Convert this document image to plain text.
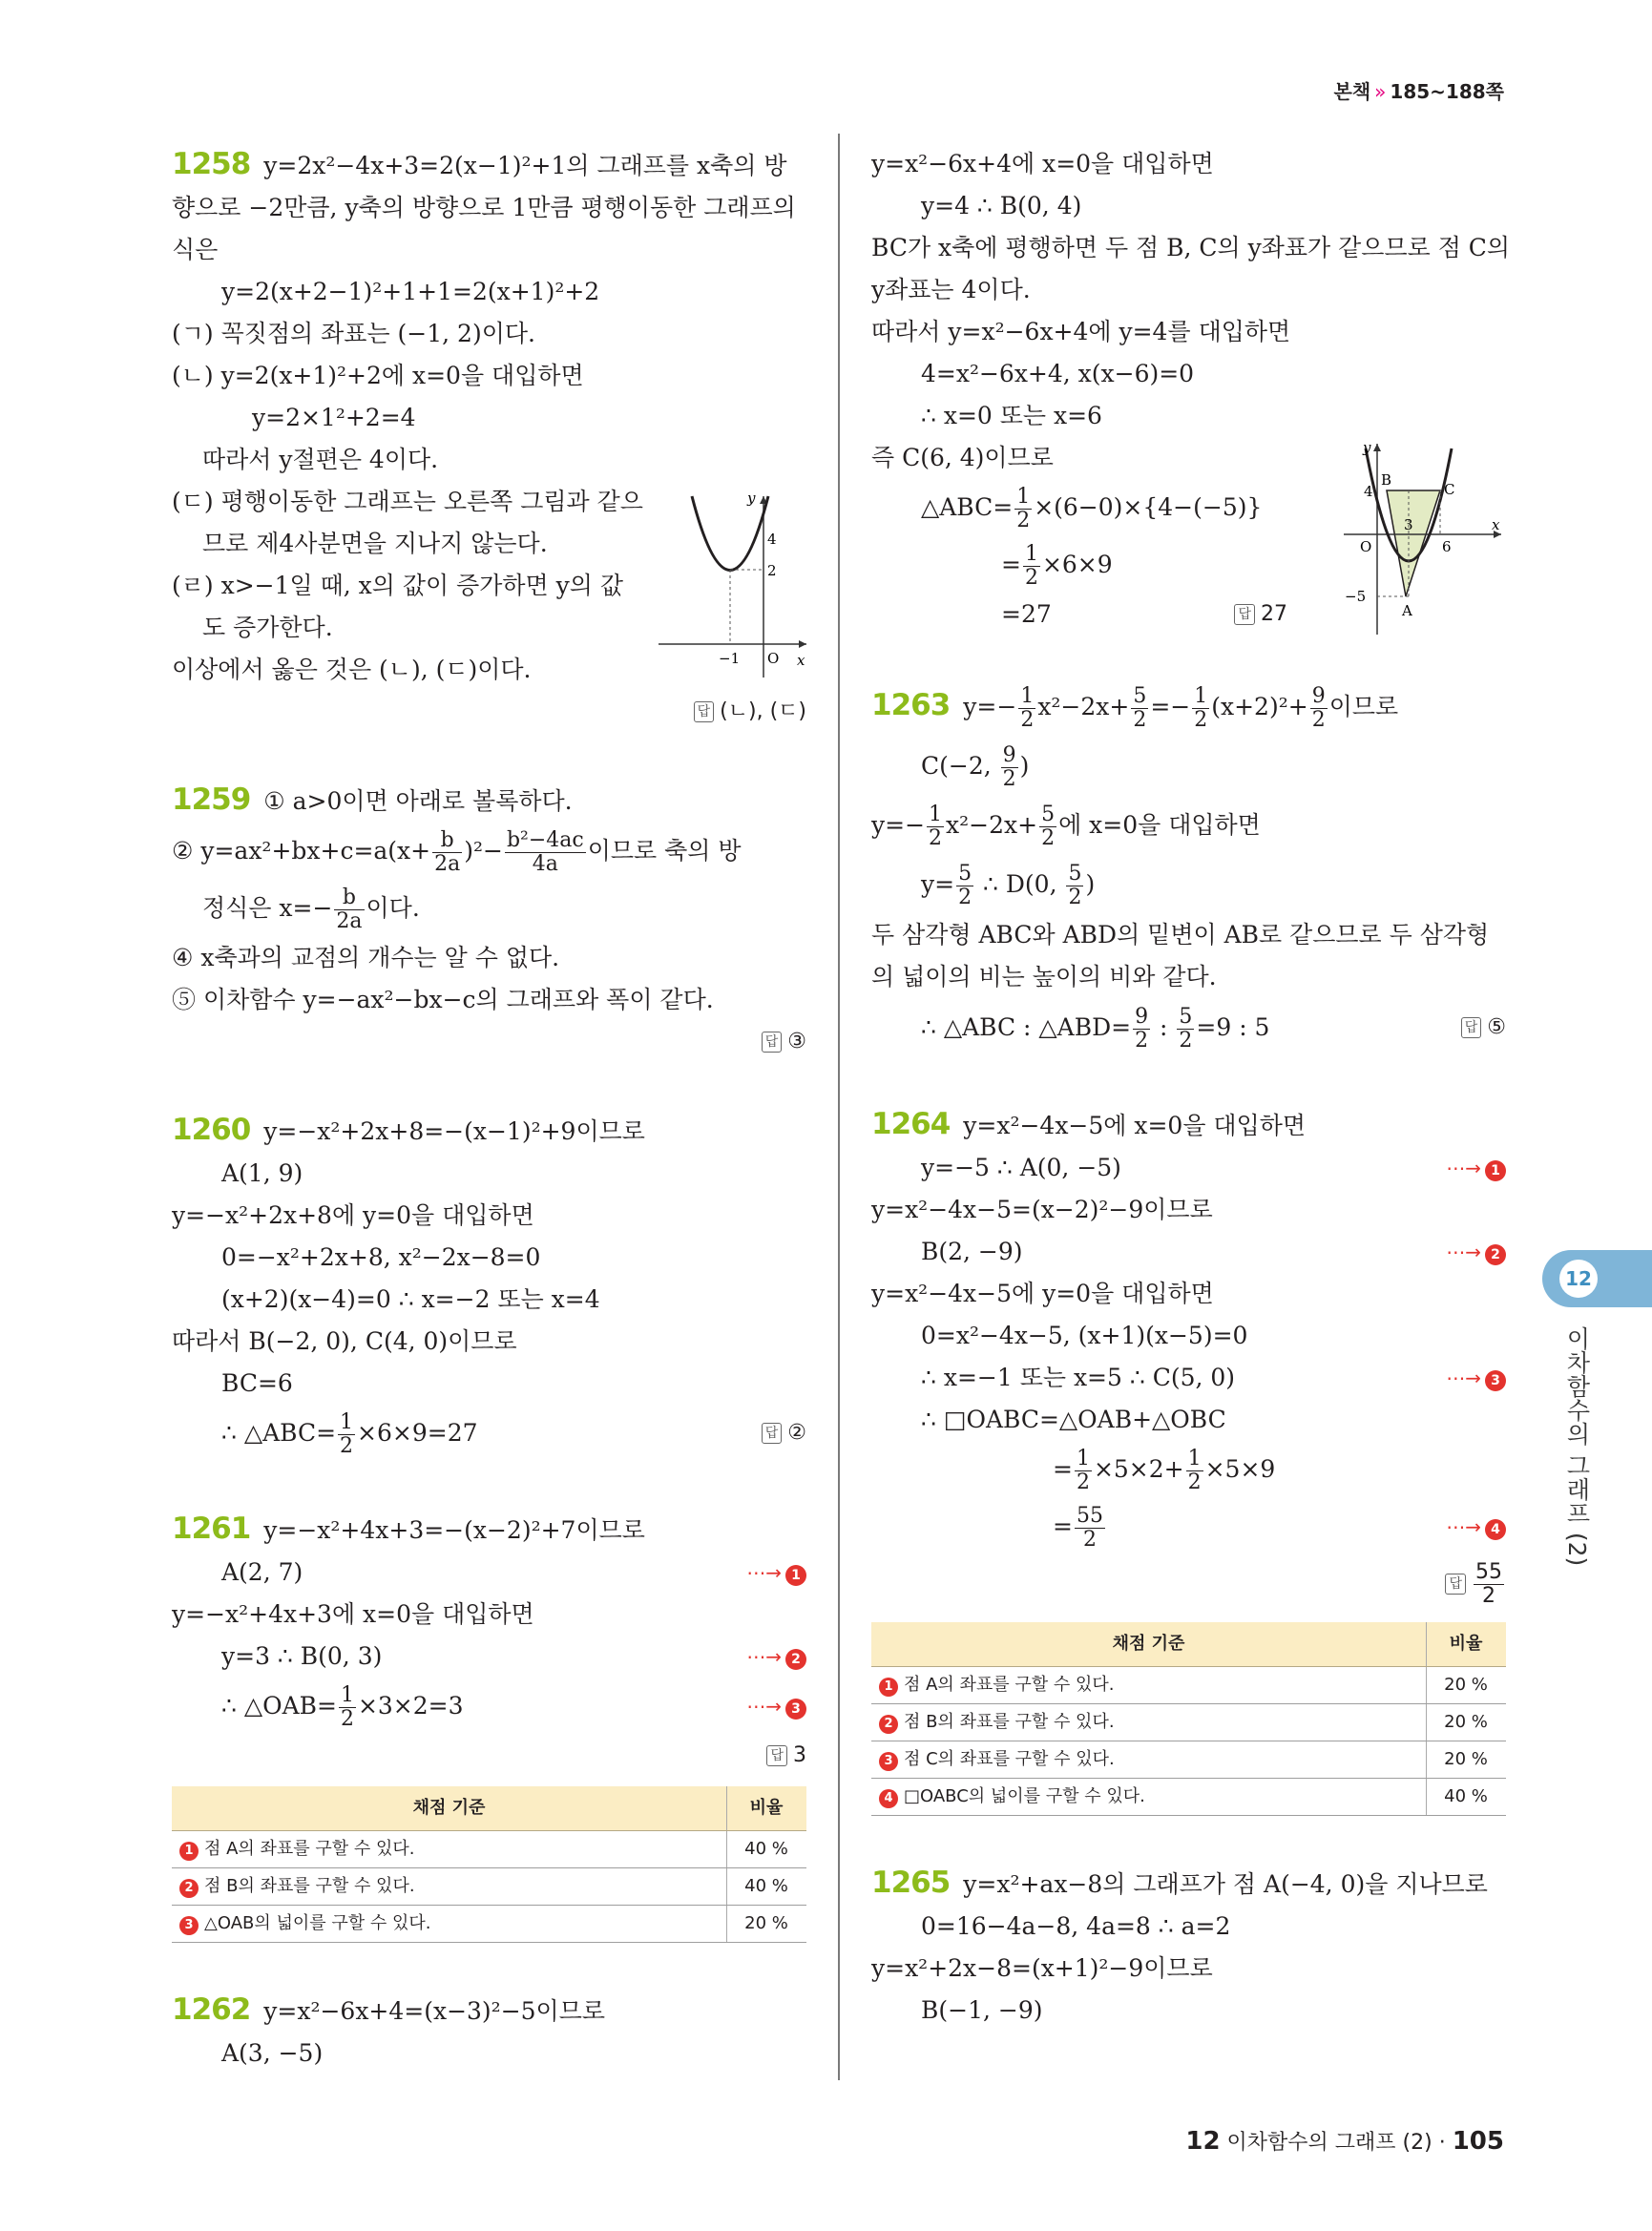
본책 » 185~188쪽
1258 y=2x²−4x+3=2(x−1)²+1의 그래프를 x축의 방
향으로 −2만큼, y축의 방향으로 1만큼 평행이동한 그래프의
식은
y=2(x+2−1)²+1+1=2(x+1)²+2
(ㄱ) 꼭짓점의 좌표는 (−1, 2)이다.
(ㄴ) y=2(x+1)²+2에 x=0을 대입하면
y=2×1²+2=4
따라서 y절편은 4이다.
(ㄷ) 평행이동한 그래프는 오른쪽 그림과 같으
므로 제4사분면을 지나지 않는다.
(ㄹ) x>−1일 때, x의 값이 증가하면 y의 값
도 증가한다.
이상에서 옳은 것은 (ㄴ), (ㄷ)이다.
답 (ㄴ), (ㄷ)
y
x
O
4
2
−1
1259 ① a>0이면 아래로 볼록하다.
② $y=ax^2+bx+c=a(x+ \frac{b}{2a} )^2- \frac{\text{b²−4ac}}{4a}$ 이므로 축의 방
정식은 $x=- \frac{b}{2a}$ 이다.
④ x축과의 교점의 개수는 알 수 없다.
⑤ 이차함수 y=−ax²−bx−c의 그래프와 폭이 같다.
답 ③
1260 y=−x²+2x+8=−(x−1)²+9이므로
A(1, 9)
y=−x²+2x+8에 y=0을 대입하면
0=−x²+2x+8, x²−2x−8=0
(x+2)(x−4)=0 ∴ x=−2 또는 x=4
따라서 B(−2, 0), C(4, 0)이므로
BC=6
∴ △ABC= $\frac{1}{2} \times 6\times 9=27$	답 ②
1261 y=−x²+4x+3=−(x−2)²+7이므로
A(2, 7)	⋯→ 1
y=−x²+4x+3에 x=0을 대입하면
y=3 ∴ B(0, 3)	⋯→ 2
∴ △OAB= $\frac{1}{2} \times 3\times 2=3$	⋯→ 3
답 3
채점 기준	비율
1 점 A의 좌표를 구할 수 있다.	40 %
2 점 B의 좌표를 구할 수 있다.	40 %
3 △OAB의 넓이를 구할 수 있다.	20 %
1262 y=x²−6x+4=(x−3)²−5이므로
A(3, −5)
y=x²−6x+4에 x=0을 대입하면
y=4 ∴ B(0, 4)
BC가 x축에 평행하면 두 점 B, C의 y좌표가 같으므로 점 C의
y좌표는 4이다.
따라서 y=x²−6x+4에 y=4를 대입하면
4=x²−6x+4, x(x−6)=0
∴ x=0 또는 x=6
즉 C(6, 4)이므로
△ABC= $\frac{1}{2} \times(6-0)\times\{4-(-5)\}$
= $\frac{1}{2} \times 6\times 9$
=27	답 27
y
x
O
B
C
A
4
3
6
−5
1263 $y=- \frac{1}{2} x^2-2x+ \frac{5}{2} =- \frac{1}{2} (x+2)^2+ \frac{9}{2}$ 이므로
C(−2, $\frac{9}{2}$ )
$y=- \frac{1}{2} x^2-2x+ \frac{5}{2}$ 에 x=0을 대입하면
$y= \frac{5}{2}$ ∴ D(0, $\frac{5}{2}$ )
두 삼각형 ABC와 ABD의 밑변이 AB로 같으므로 두 삼각형
의 넓이의 비는 높이의 비와 같다.
∴ △ABC : △ABD= $\frac{9}{2}$ : $\frac{5}{2} =9$ : 5	답 ⑤
1264 y=x²−4x−5에 x=0을 대입하면
y=−5 ∴ A(0, −5)	⋯→ 1
y=x²−4x−5=(x−2)²−9이므로
B(2, −9)	⋯→ 2
y=x²−4x−5에 y=0을 대입하면
0=x²−4x−5, (x+1)(x−5)=0
∴ x=−1 또는 x=5 ∴ C(5, 0)	⋯→ 3
∴ □OABC=△OAB+△OBC
= $\frac{1}{2} \times 5\times 2+ \frac{1}{2} \times 5\times 9$
= $\frac{55}{2}$	⋯→ 4
답 $\frac{55}{2}$
채점 기준	비율
1 점 A의 좌표를 구할 수 있다.	20 %
2 점 B의 좌표를 구할 수 있다.	20 %
3 점 C의 좌표를 구할 수 있다.	20 %
4 □OABC의 넓이를 구할 수 있다.	40 %
1265 y=x²+ax−8의 그래프가 점 A(−4, 0)을 지나므로
0=16−4a−8, 4a=8 ∴ a=2
y=x²+2x−8=(x+1)²−9이므로
B(−1, −9)
12
이차함수의 그래프 (2)
12 이차함수의 그래프 (2) · 105
